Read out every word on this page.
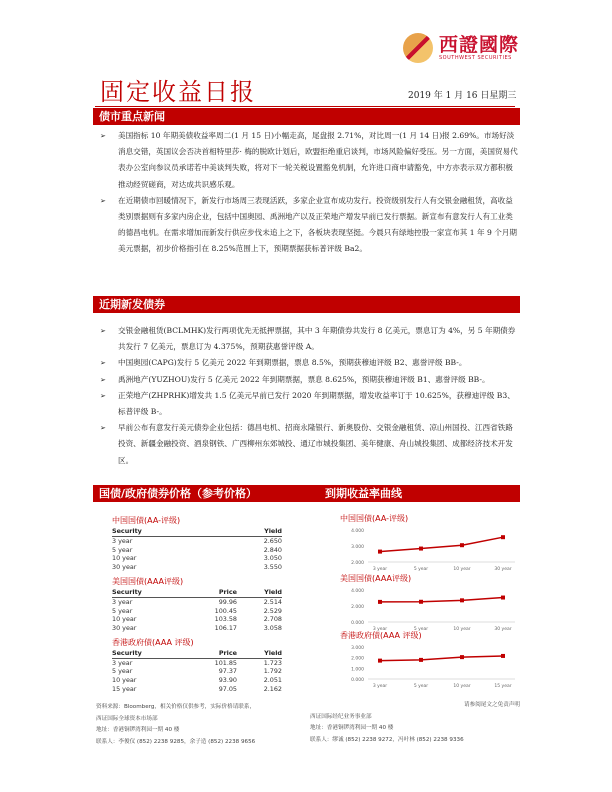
西證國際
SOUTHWEST SECURITIES
固定收益日报	2019 年 1 月 16 日星期三
债市重点新闻
➢ 美国指标 10 年期美债收益率周二(1 月 15 日)小幅走高，尾盘报 2.71%，对比周一(1 月 14 日)报 2.69%。市场好淡消息交错，英国议会否决首相特里莎· 梅的脱欧计划后，欧盟拒绝重启谈判，市场风险偏好受压。另一方面，美国贸易代表办公室向参议员承诺若中美谈判失败，将对下一轮关税设置豁免机制，允许进口商申请豁免，中方亦表示双方都积极推动经贸磋商，对达成共识感乐观。
➢ 在近期债市回暖情况下，新发行市场周三表现活跃，多家企业宣布成功发行。投资级别发行人有交银金融租赁，高收益类别票据则有多家内房企业，包括中国奥园、禹洲地产以及正荣地产增发早前已发行票据。新宣布有意发行人有工业类的德昌电机。在需求增加而新发行供应步伐未追上之下，各板块表现坚挺。今晨只有绿地控股一家宣布其 1 年 9 个月期美元票据，初步价格指引在 8.25%范围上下，预期票据获标普评级 Ba2。
近期新发债券
➢ 交银金融租赁(BCLMHK)发行两项优先无抵押票据，其中 3 年期债券共发行 8 亿美元，票息订为 4%，另 5 年期债券共发行 7 亿美元，票息订为 4.375%，预期获惠誉评级 A。
➢ 中国奥园(CAPG)发行 5 亿美元 2022 年到期票据，票息 8.5%，预期获穆迪评级 B2、惠誉评级 BB-。
➢ 禹洲地产(YUZHOU)发行 5 亿美元 2022 年到期票据，票息 8.625%，预期获穆迪评级 B1、惠誉评级 BB-。
➢ 正荣地产(ZHPRHK)增发共 1.5 亿美元早前已发行 2020 年到期票据，增发收益率订于 10.625%，获穆迪评级 B3、标普评级 B-。
➢ 早前公布有意发行美元债券企业包括：德昌电机、招商永隆银行、新奥股份、交银金融租赁、凉山州国投、江西省铁路投资、新疆金融投资、酒泉钢铁、广西柳州东郊城投、通辽市城投集团、美年健康、舟山城投集团、成都经济技术开发区。
国债/政府债券价格（参考价格）	到期收益率曲线
中国国债(AA-评级)
Security	Yield
3 year	2.650
5 year	2.840
10 year	3.050
30 year	3.550
美国国债(AAA评级)
Security	Price	Yield
3 year	99.96	2.514
5 year	100.45	2.529
10 year	103.58	2.708
30 year	106.17	3.058
香港政府债(AAA 评级)
Security	Price	Yield
3 year	101.85	1.723
5 year	97.37	1.792
10 year	93.90	2.051
15 year	97.05	2.162
资料来源：Bloomberg，相关价格仅供参考，实际价格请联系，
西证国际全球资本市场部
地址：香港铜锣湾利园一期 40 楼
联系人：李俊仪 (852) 2238 9285，余子造 (852) 2238 9656
请参阅尾文之免责声明
西证国际经纪业务事业部
地址：香港铜锣湾利园一期 40 楼
联系人：缪诚 (852) 2238 9272，冯叶林 (852) 2238 9336
中国国债(AA-评级)
2.000
3.000
4.000
3 year	5 year	10 year	30 year
美国国债(AAA评级)
0.000
2.000
4.000
3 year	5 year	10 year	30 year
香港政府债(AAA 评级)
0.000
1.000
2.000
3.000
3 year	5 year	10 year	15 year
